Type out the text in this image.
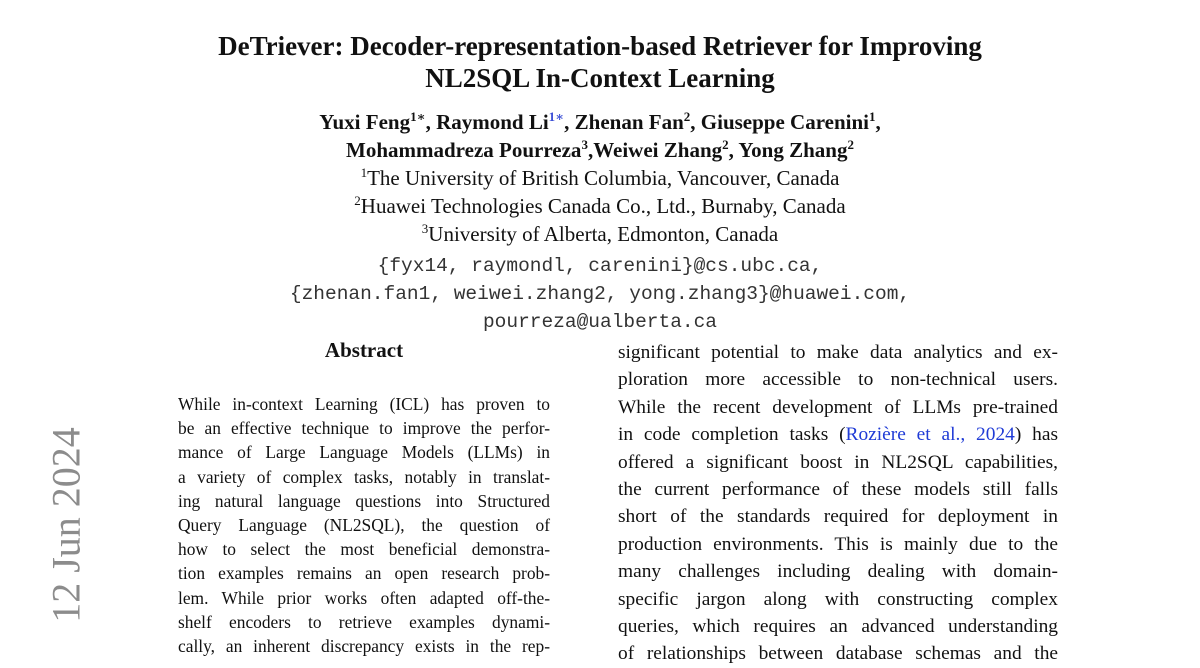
12 Jun 2024
DeTriever: Decoder-representation-based Retriever for Improving
NL2SQL In-Context Learning
Yuxi Feng$^{1∗}$, Raymond $Li^{1∗}$, Zhenan Fan$^2$, Giuseppe Carenini$^1$,
Mohammadreza Pourreza$^3$,Weiwei Zhang$^2$, Yong Zhang$^2$
$^1$The University of British Columbia, Vancouver, Canada
$^2$Huawei Technologies Canada Co., Ltd., Burnaby, Canada
$^3$University of Alberta, Edmonton, Canada
{fyx14, raymondl, carenini}@cs.ubc.ca,
{zhenan.fan1, weiwei.zhang2, yong.zhang3}@huawei.com,
pourreza@ualberta.ca
Abstract
While in-context Learning (ICL) has proven to
be an effective technique to improve the perfor-
mance of Large Language Models (LLMs) in
a variety of complex tasks, notably in translat-
ing natural language questions into Structured
Query Language (NL2SQL), the question of
how to select the most beneficial demonstra-
tion examples remains an open research prob-
lem. While prior works often adapted off-the-
shelf encoders to retrieve examples dynami-
cally, an inherent discrepancy exists in the rep-
significant potential to make data analytics and ex-
ploration more accessible to non-technical users.
While the recent development of LLMs pre-trained
in code completion tasks (Rozière et al., 2024) has
offered a significant boost in NL2SQL capabilities,
the current performance of these models still falls
short of the standards required for deployment in
production environments. This is mainly due to the
many challenges including dealing with domain-
specific jargon along with constructing complex
queries, which requires an advanced understanding
of relationships between database schemas and the
